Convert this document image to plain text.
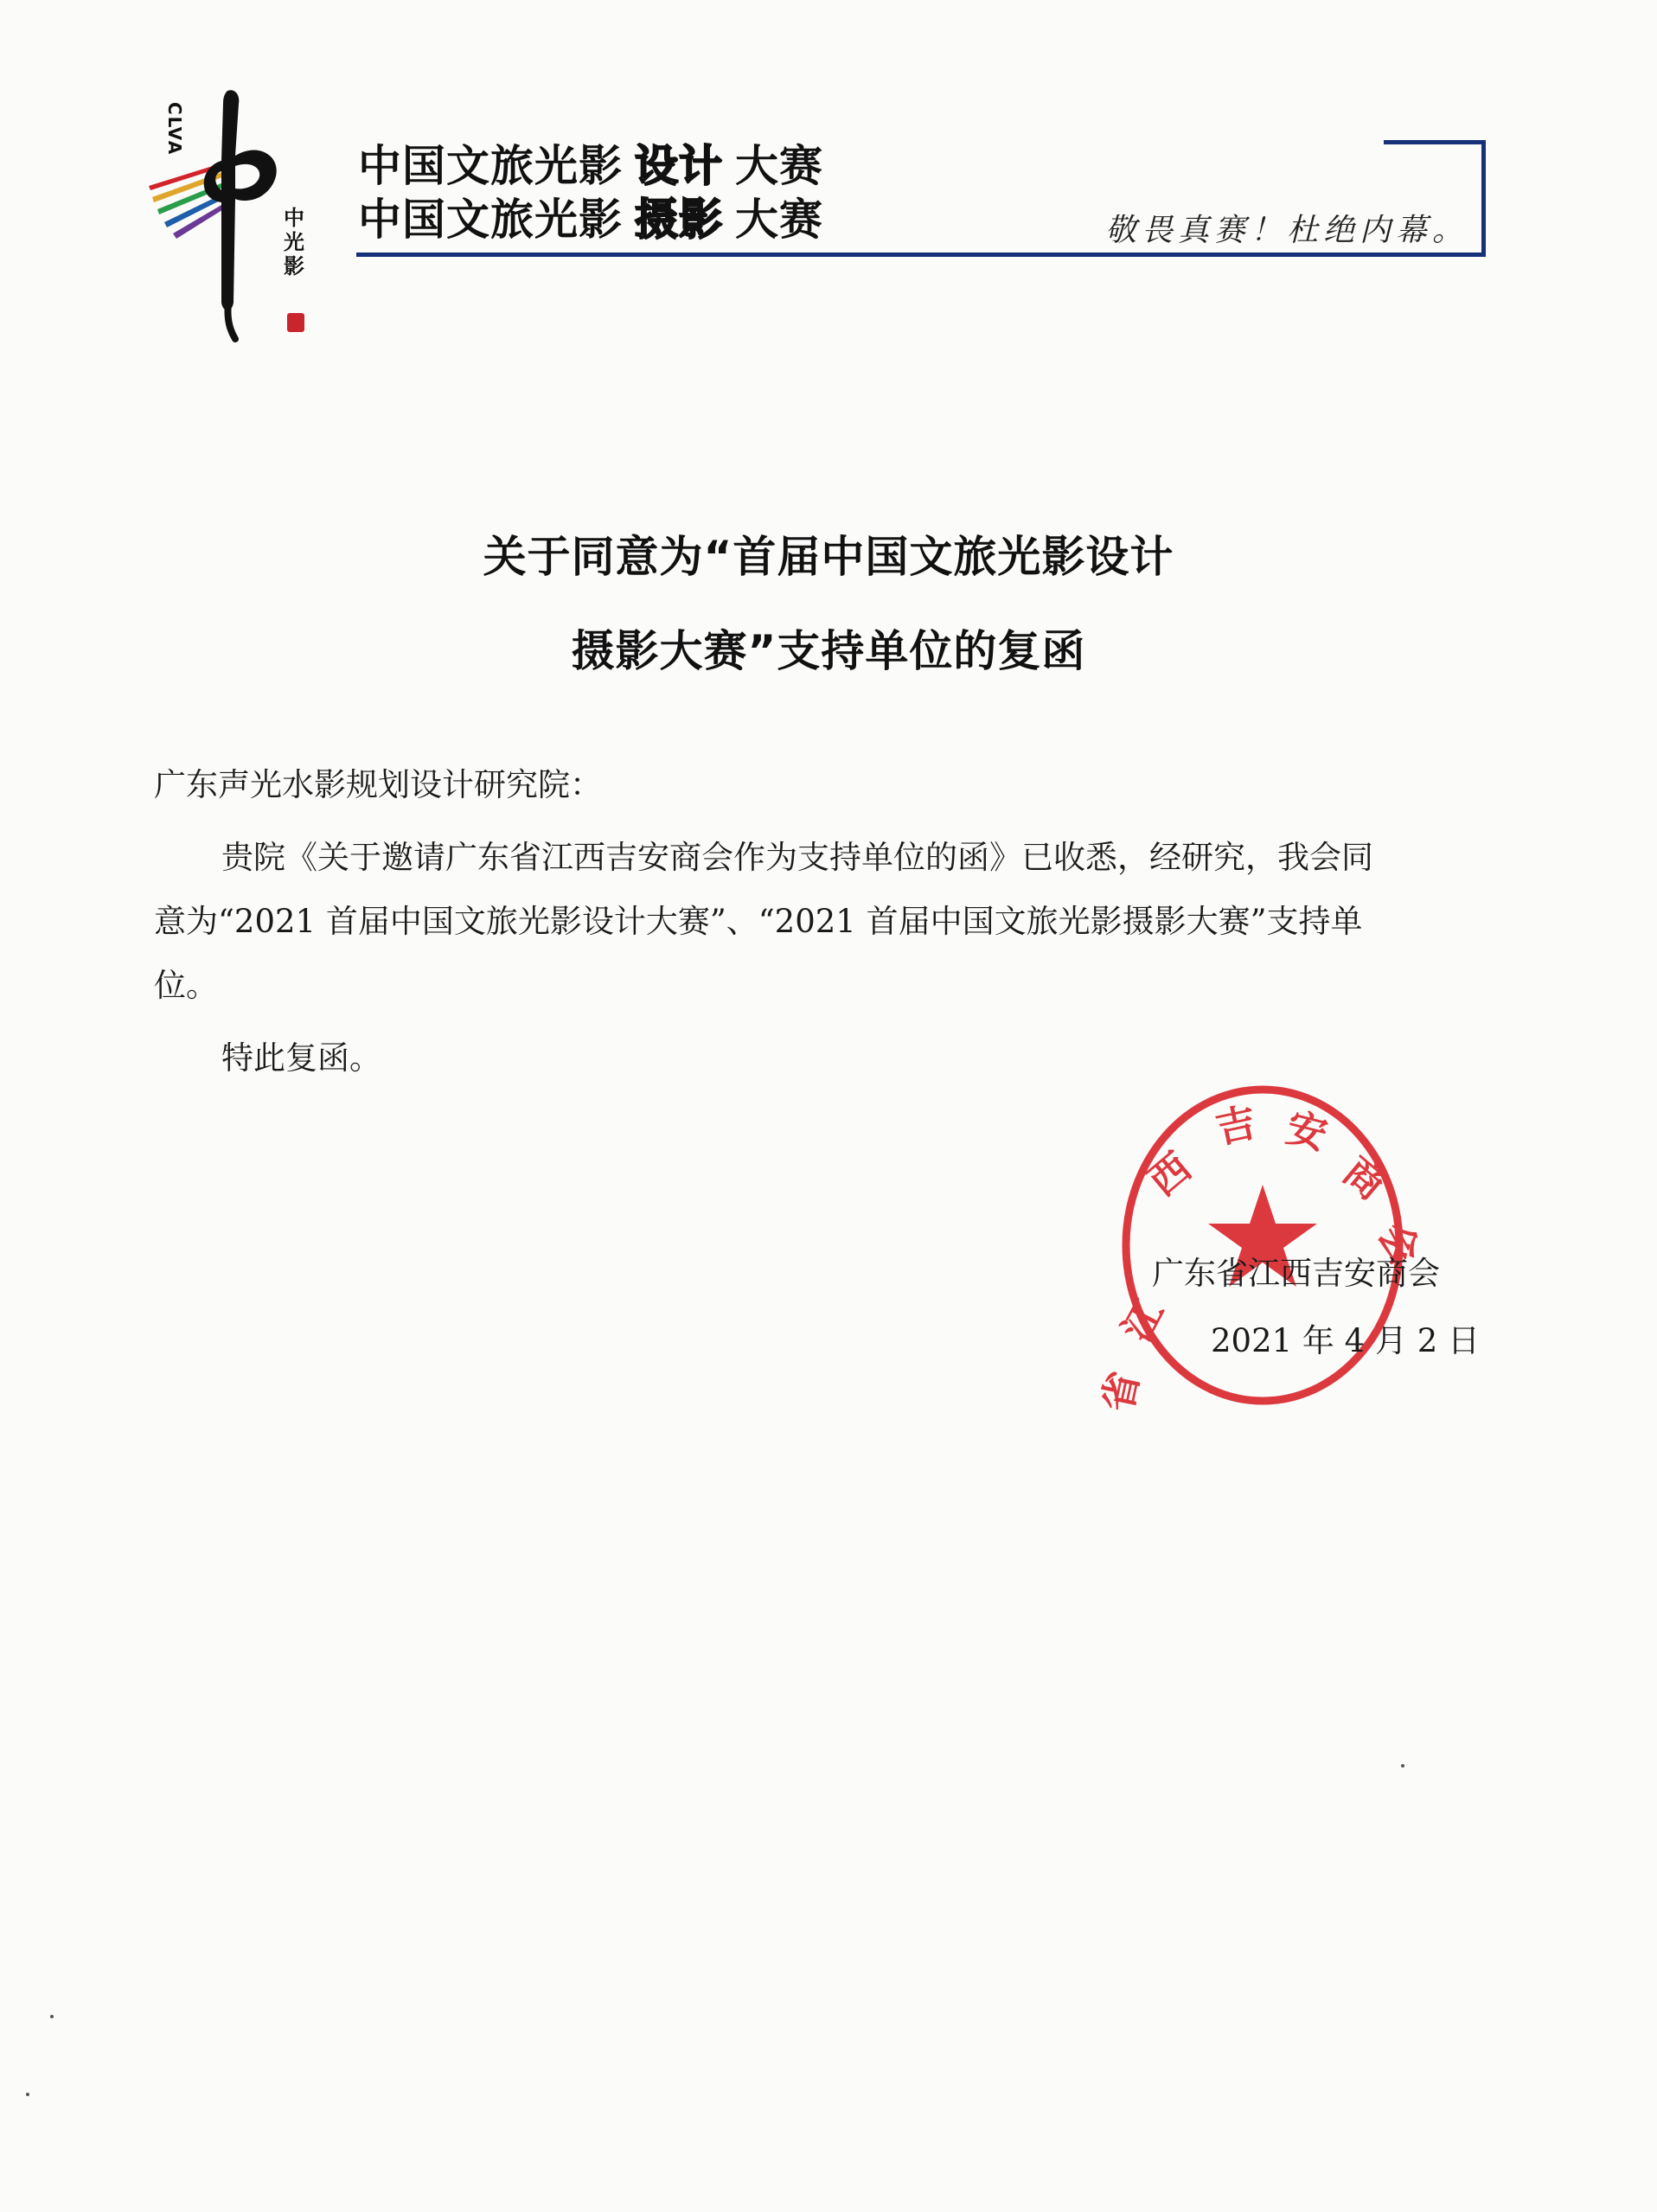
CLVA
中光影
中国文旅光影 设计 大赛
中国文旅光影 摄影 大赛	敬畏真赛！杜绝内幕。
关于同意为“首届中国文旅光影设计
摄影大赛”支持单位的复函
广东声光水影规划设计研究院：
贵院《关于邀请广东省江西吉安商会作为支持单位的函》已收悉，经研究，我会同
意为“2021 首届中国文旅光影设计大赛”、“2021 首届中国文旅光影摄影大赛”支持单
位。
特此复函。
江
西
吉 安
商
会
省
广东省江西吉安商会
2021 年 4 月 2 日
